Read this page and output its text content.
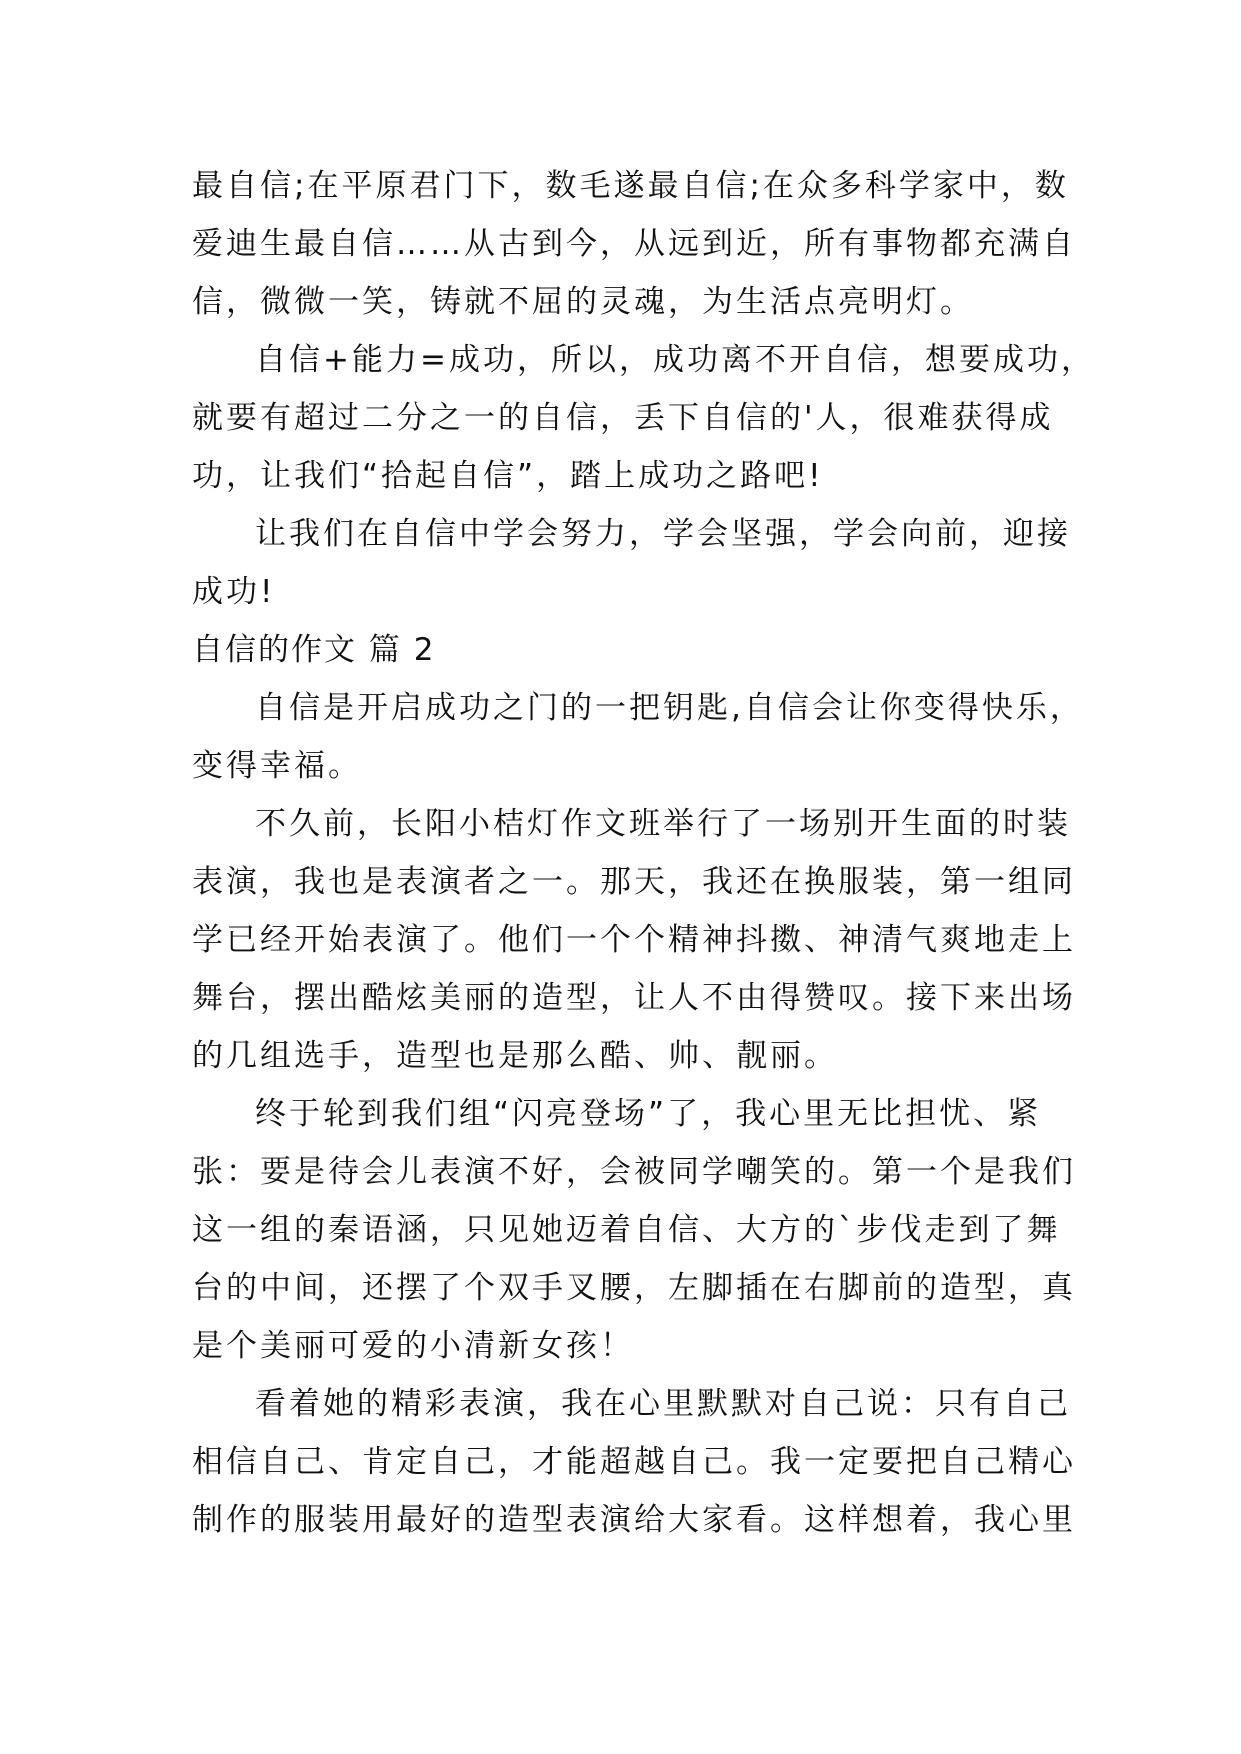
最自信;在平原君门下，数毛遂最自信;在众多科学家中，数
爱迪生最自信……从古到今，从远到近，所有事物都充满自
信，微微一笑，铸就不屈的灵魂，为生活点亮明灯。
自信+能力=成功，所以，成功离不开自信，想要成功，
就要有超过二分之一的自信，丢下自信的'人，很难获得成
功，让我们“拾起自信”，踏上成功之路吧!
让我们在自信中学会努力，学会坚强，学会向前，迎接
成功!
自信的作文 篇 2
自信是开启成功之门的一把钥匙,自信会让你变得快乐，
变得幸福。
不久前，长阳小桔灯作文班举行了一场别开生面的时装
表演，我也是表演者之一。那天，我还在换服装，第一组同
学已经开始表演了。他们一个个精神抖擞、神清气爽地走上
舞台，摆出酷炫美丽的造型，让人不由得赞叹。接下来出场
的几组选手，造型也是那么酷、帅、靓丽。
终于轮到我们组“闪亮登场”了，我心里无比担忧、紧
张：要是待会儿表演不好，会被同学嘲笑的。第一个是我们
这一组的秦语涵，只见她迈着自信、大方的`步伐走到了舞
台的中间，还摆了个双手叉腰，左脚插在右脚前的造型，真
是个美丽可爱的小清新女孩！
看着她的精彩表演，我在心里默默对自己说：只有自己
相信自己、肯定自己，才能超越自己。我一定要把自己精心
制作的服装用最好的造型表演给大家看。这样想着，我心里
